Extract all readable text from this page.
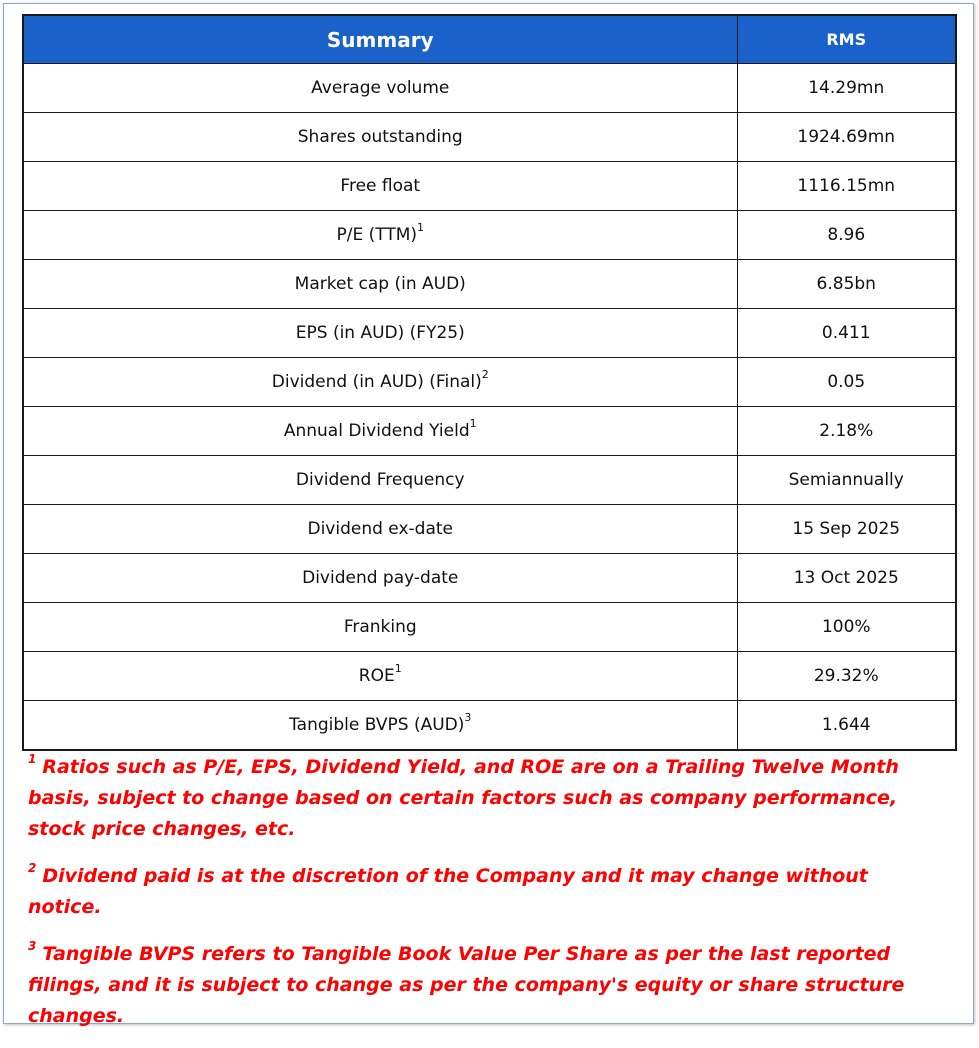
Summary	RMS
Average volume	14.29mn
Shares outstanding	1924.69mn
Free float	1116.15mn
P/E (TTM)$^1$	8.96
Market cap (in AUD)	6.85bn
EPS (in AUD) (FY25)	0.411
Dividend (in AUD) (Final)$^2$	0.05
Annual Dividend Yield$^1$	2.18%
Dividend Frequency	Semiannually
Dividend ex-date	15 Sep 2025
Dividend pay-date	13 Oct 2025
Franking	100%
ROE$^1$	29.32%
Tangible BVPS (AUD)$^3$	1.644

$^1$ Ratios such as P/E, EPS, Dividend Yield, and ROE are on a Trailing Twelve Month basis, subject to change based on certain factors such as company performance, stock price changes, etc.

$^2$ Dividend paid is at the discretion of the Company and it may change without notice.

$^3$ Tangible BVPS refers to Tangible Book Value Per Share as per the last reported filings, and it is subject to change as per the company's equity or share structure changes.
